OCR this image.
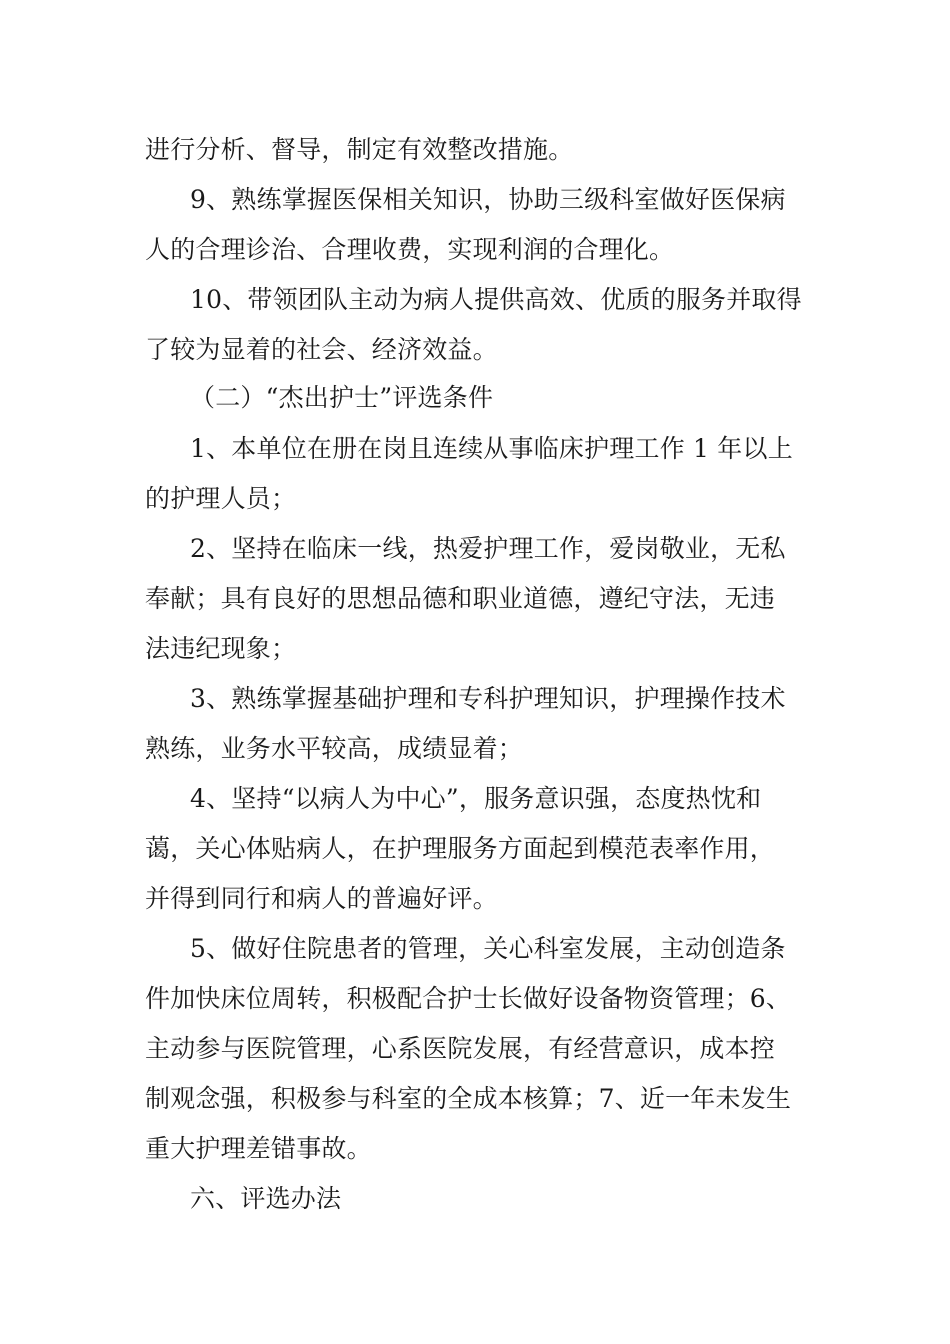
进行分析、督导，制定有效整改措施。
9、熟练掌握医保相关知识，协助三级科室做好医保病
人的合理诊治、合理收费，实现利润的合理化。
10、带领团队主动为病人提供高效、优质的服务并取得
了较为显着的社会、经济效益。
（二）“杰出护士”评选条件
1、本单位在册在岗且连续从事临床护理工作 1 年以上
的护理人员；
2、坚持在临床一线，热爱护理工作，爱岗敬业，无私
奉献；具有良好的思想品德和职业道德，遵纪守法，无违
法违纪现象；
3、熟练掌握基础护理和专科护理知识，护理操作技术
熟练，业务水平较高，成绩显着；
4、坚持“以病人为中心”，服务意识强，态度热忱和
蔼，关心体贴病人，在护理服务方面起到模范表率作用，
并得到同行和病人的普遍好评。
5、做好住院患者的管理，关心科室发展，主动创造条
件加快床位周转，积极配合护士长做好设备物资管理；6、
主动参与医院管理，心系医院发展，有经营意识，成本控
制观念强，积极参与科室的全成本核算；7、近一年未发生
重大护理差错事故。
六、评选办法
